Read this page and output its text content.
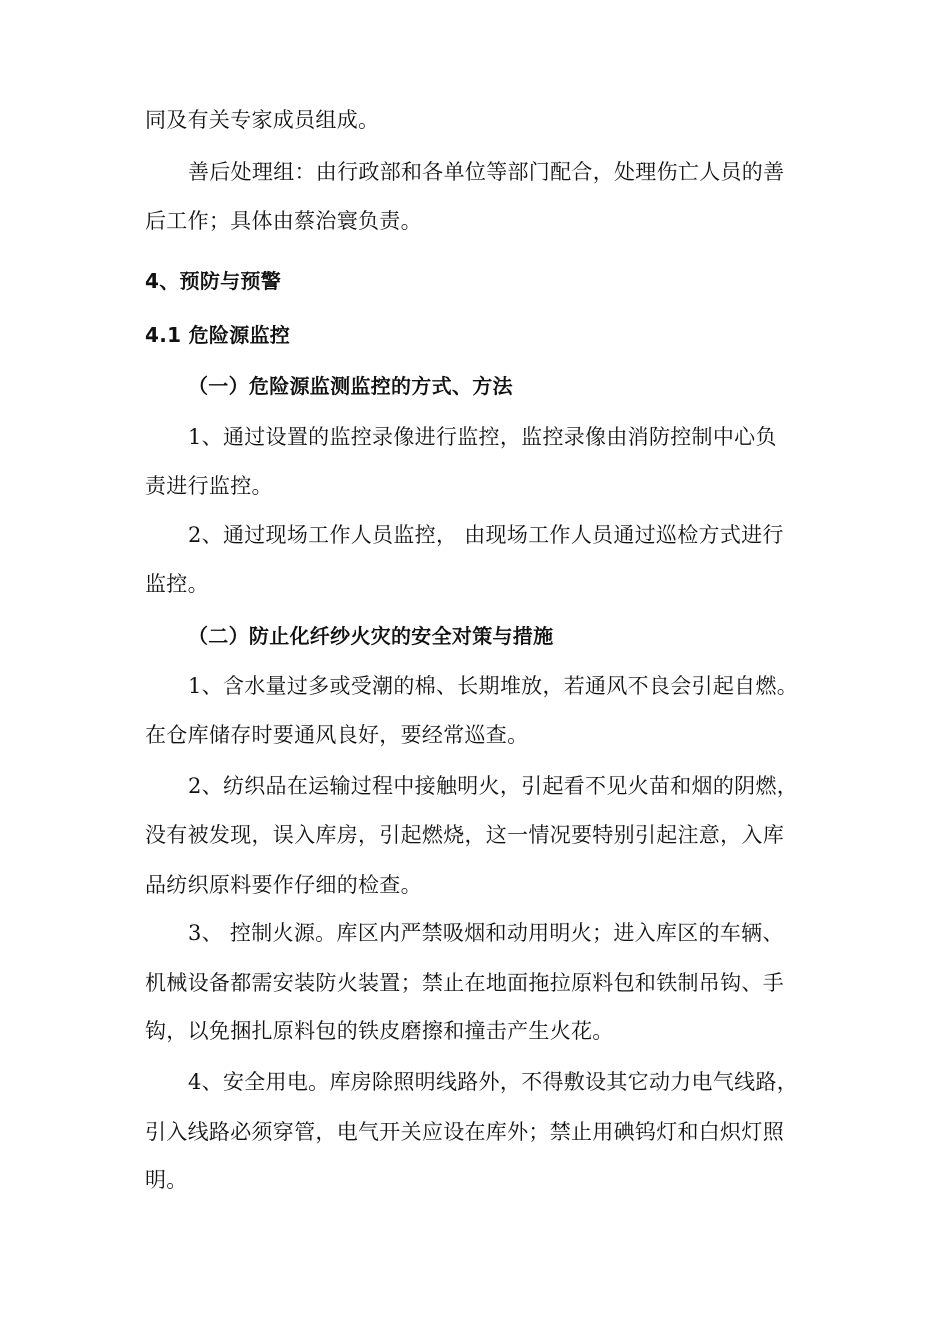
同及有关专家成员组成。
善后处理组：由行政部和各单位等部门配合，处理伤亡人员的善
后工作；具体由蔡治寰负责。
4、预防与预警
4.1 危险源监控
（一）危险源监测监控的方式、方法
1、通过设置的监控录像进行监控，监控录像由消防控制中心负
责进行监控。
2、通过现场工作人员监控， 由现场工作人员通过巡检方式进行
监控。
（二）防止化纤纱火灾的安全对策与措施
1、含水量过多或受潮的棉、长期堆放，若通风不良会引起自燃。
在仓库储存时要通风良好，要经常巡查。
2、纺织品在运输过程中接触明火，引起看不见火苗和烟的阴燃，
没有被发现，误入库房，引起燃烧，这一情况要特别引起注意，入库
品纺织原料要作仔细的检查。
3、 控制火源。库区内严禁吸烟和动用明火；进入库区的车辆、
机械设备都需安装防火装置；禁止在地面拖拉原料包和铁制吊钩、手
钩，以免捆扎原料包的铁皮磨擦和撞击产生火花。
4、安全用电。库房除照明线路外，不得敷设其它动力电气线路，
引入线路必须穿管，电气开关应设在库外；禁止用碘钨灯和白炽灯照
明。
